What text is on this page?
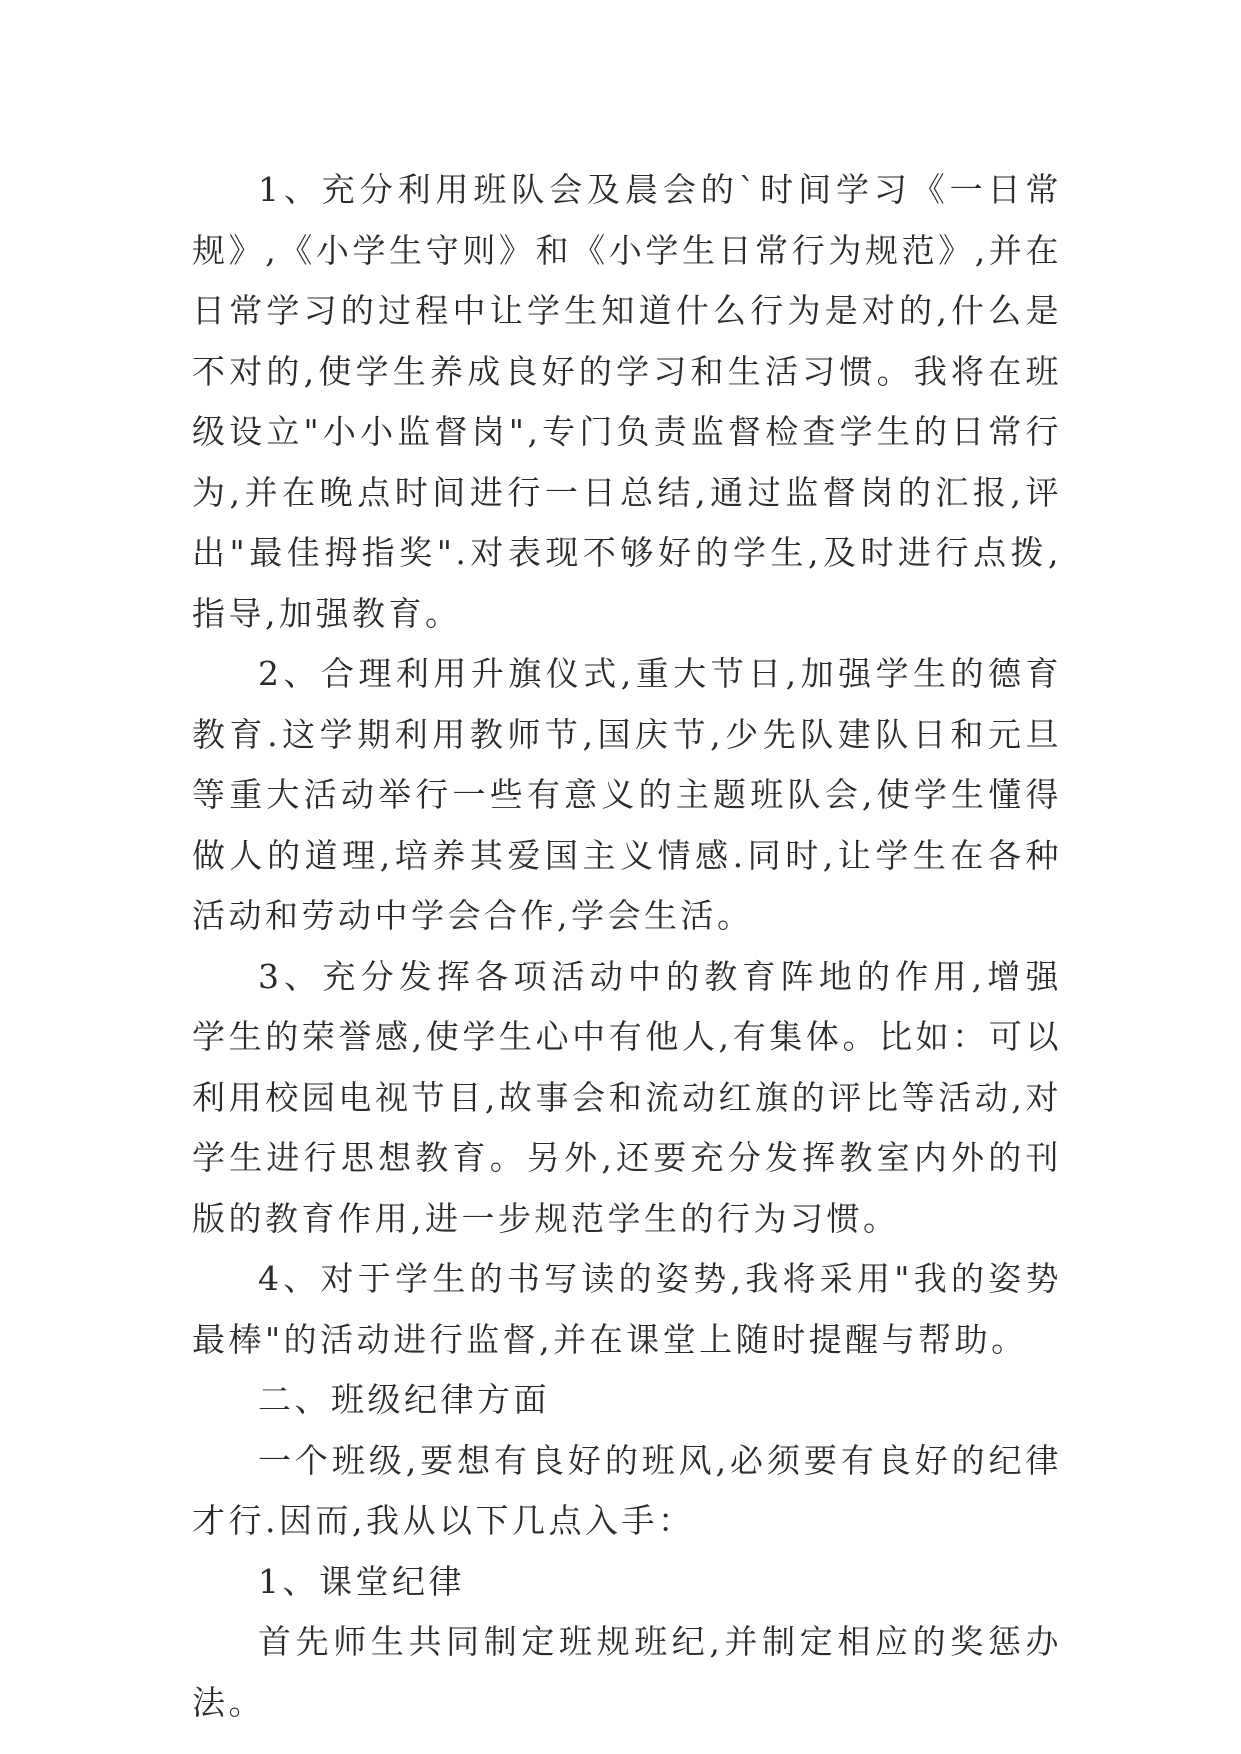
1、充分利用班队会及晨会的`时间学习《一日常规》,《小学生守则》和《小学生日常行为规范》,并在日常学习的过程中让学生知道什么行为是对的,什么是不对的,使学生养成良好的学习和生活习惯。我将在班级设立"小小监督岗",专门负责监督检查学生的日常行为,并在晚点时间进行一日总结,通过监督岗的汇报,评出"最佳拇指奖".对表现不够好的学生,及时进行点拨,指导,加强教育。

2、合理利用升旗仪式,重大节日,加强学生的德育教育.这学期利用教师节,国庆节,少先队建队日和元旦等重大活动举行一些有意义的主题班队会,使学生懂得做人的道理,培养其爱国主义情感.同时,让学生在各种活动和劳动中学会合作,学会生活。

3、充分发挥各项活动中的教育阵地的作用,增强学生的荣誉感,使学生心中有他人,有集体。比如：可以利用校园电视节目,故事会和流动红旗的评比等活动,对学生进行思想教育。另外,还要充分发挥教室内外的刊版的教育作用,进一步规范学生的行为习惯。

4、对于学生的书写读的姿势,我将采用"我的姿势最棒"的活动进行监督,并在课堂上随时提醒与帮助。

二、班级纪律方面

一个班级,要想有良好的班风,必须要有良好的纪律才行.因而,我从以下几点入手：

1、课堂纪律

首先师生共同制定班规班纪,并制定相应的奖惩办法。
